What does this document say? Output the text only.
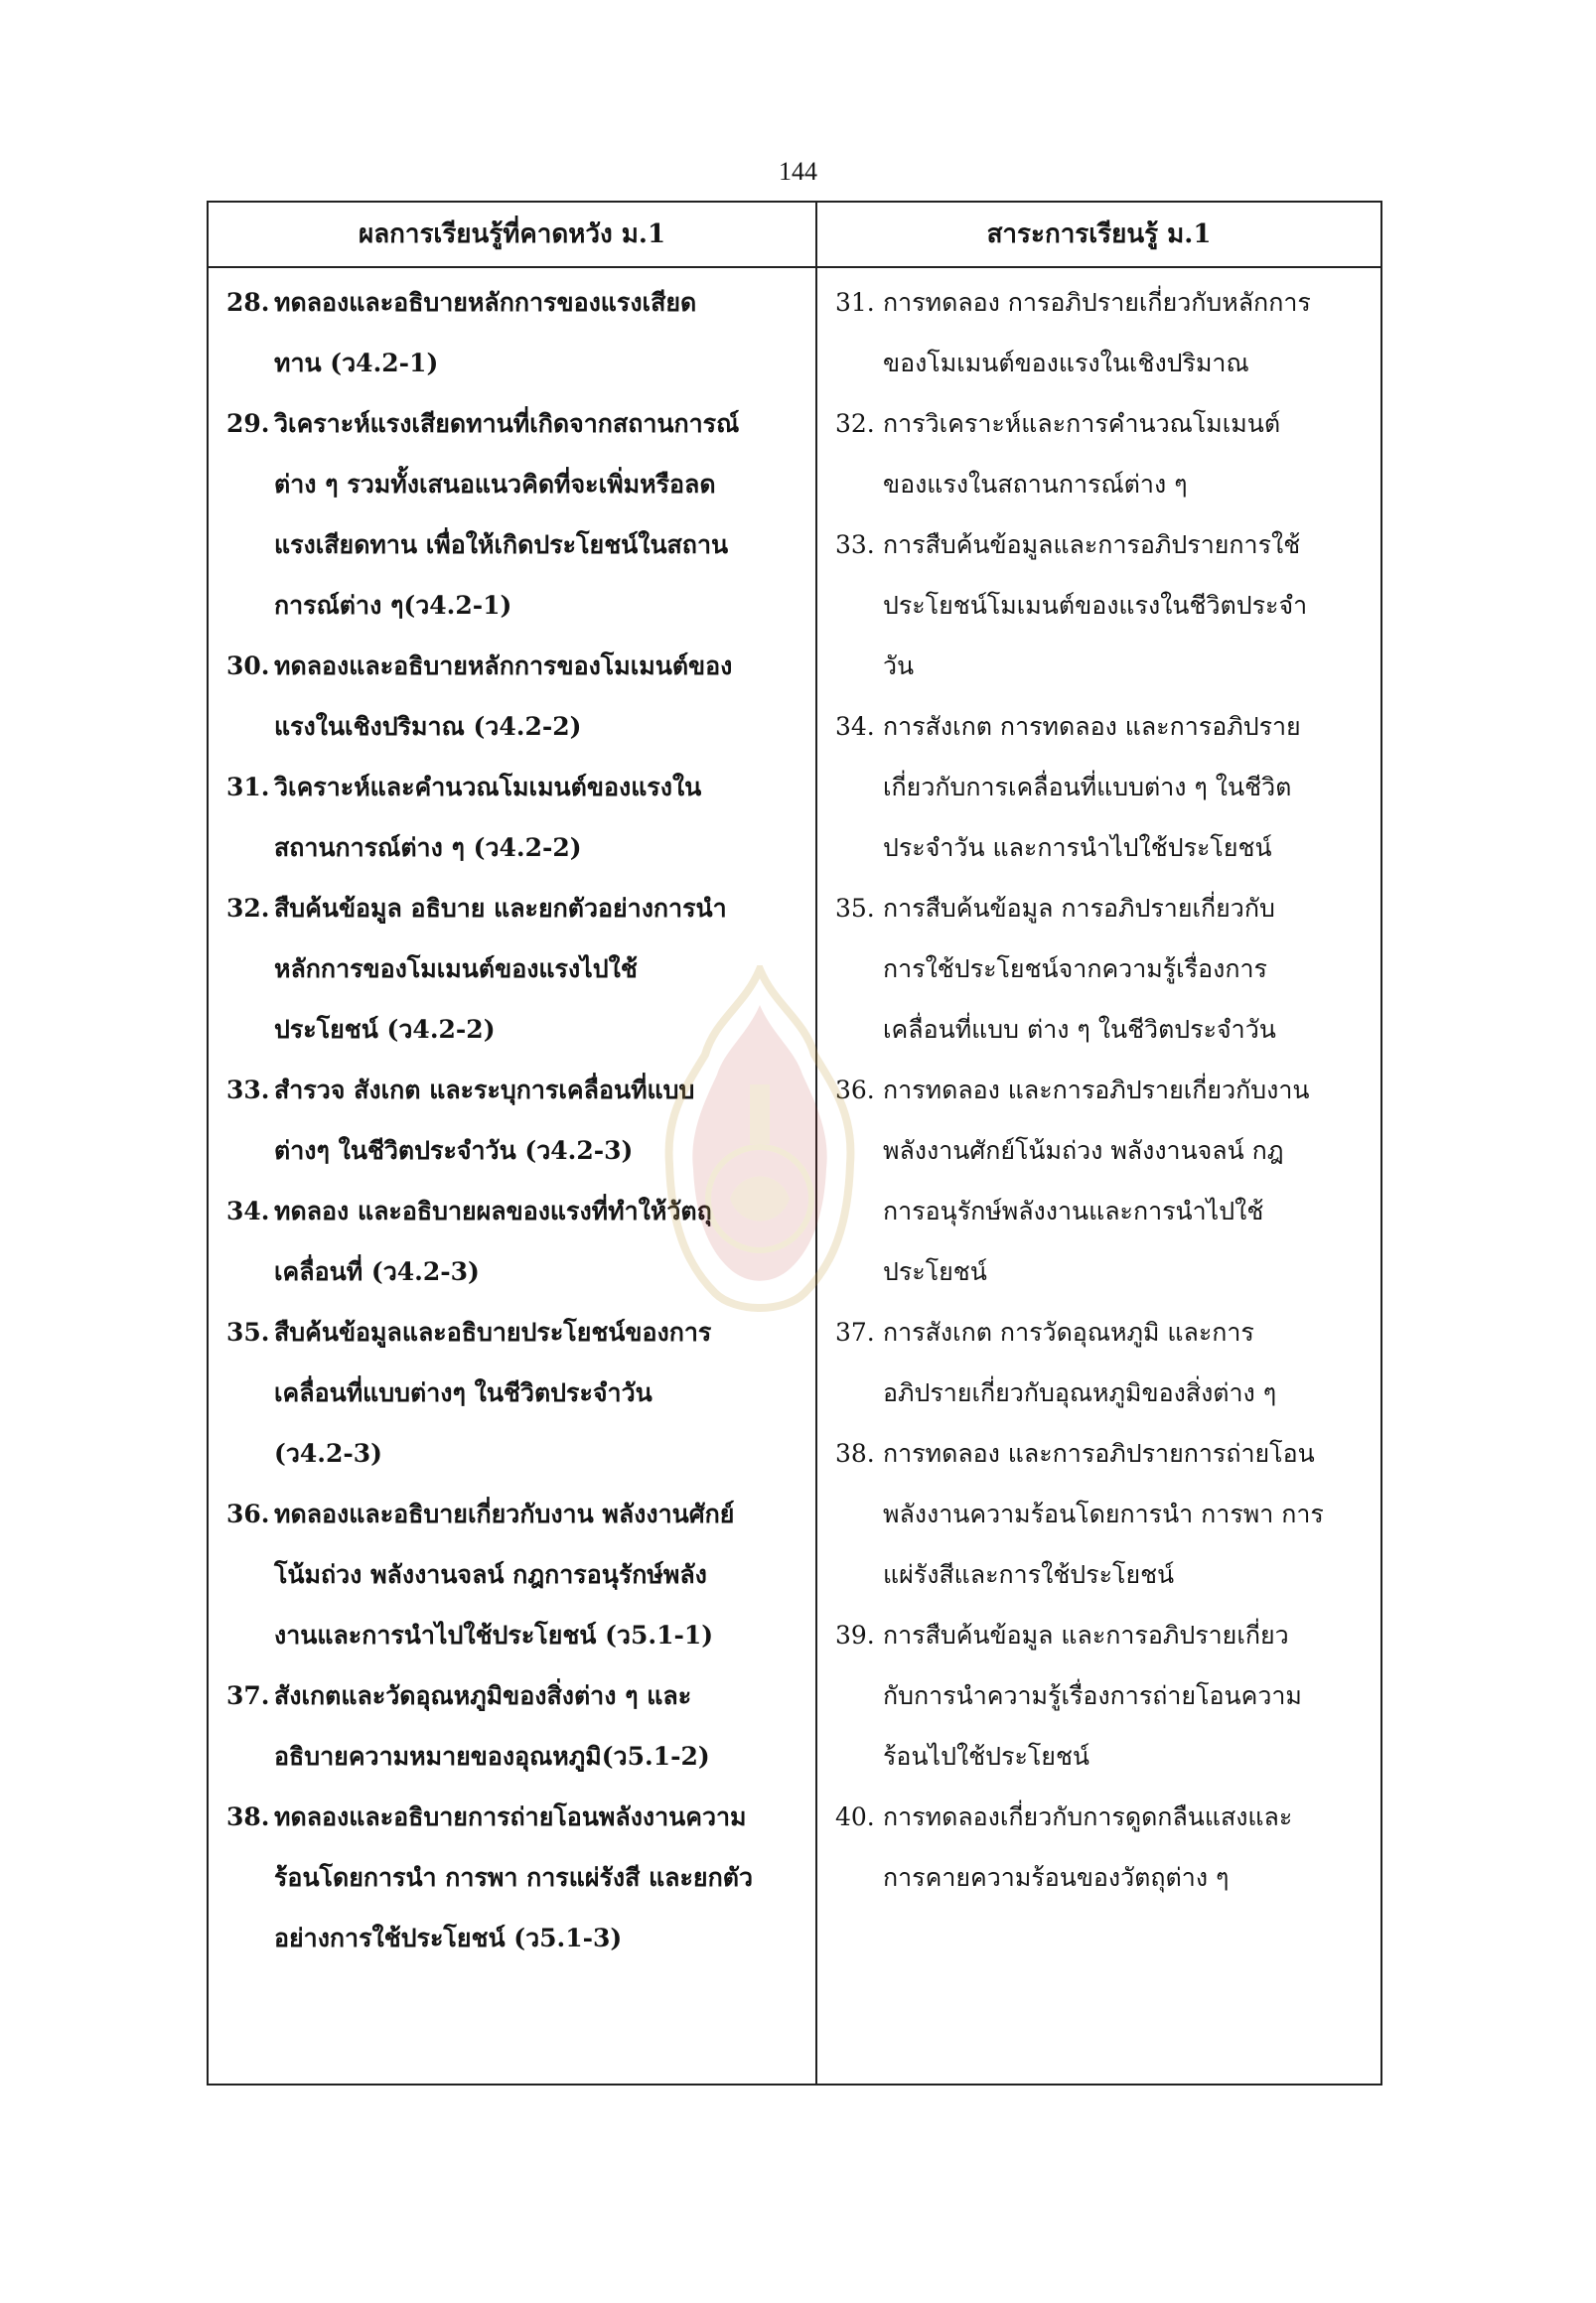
144
ผลการเรียนรู้ที่คาดหวัง ม.1	สาระการเรียนรู้ ม.1
28. ทดลองและอธิบายหลักการของแรงเสียด
ทาน (ว4.2-1)
29. วิเคราะห์แรงเสียดทานที่เกิดจากสถานการณ์
ต่าง ๆ รวมทั้งเสนอแนวคิดที่จะเพิ่มหรือลด
แรงเสียดทาน เพื่อให้เกิดประโยชน์ในสถาน
การณ์ต่าง ๆ(ว4.2-1)
30. ทดลองและอธิบายหลักการของโมเมนต์ของ
แรงในเชิงปริมาณ (ว4.2-2)
31. วิเคราะห์และคำนวณโมเมนต์ของแรงใน
สถานการณ์ต่าง ๆ (ว4.2-2)
32. สืบค้นข้อมูล อธิบาย และยกตัวอย่างการนำ
หลักการของโมเมนต์ของแรงไปใช้
ประโยชน์ (ว4.2-2)
33. สำรวจ สังเกต และระบุการเคลื่อนที่แบบ
ต่างๆ ในชีวิตประจำวัน (ว4.2-3)
34. ทดลอง และอธิบายผลของแรงที่ทำให้วัตถุ
เคลื่อนที่ (ว4.2-3)
35. สืบค้นข้อมูลและอธิบายประโยชน์ของการ
เคลื่อนที่แบบต่างๆ ในชีวิตประจำวัน
(ว4.2-3)
36. ทดลองและอธิบายเกี่ยวกับงาน พลังงานศักย์
โน้มถ่วง พลังงานจลน์ กฎการอนุรักษ์พลัง
งานและการนำไปใช้ประโยชน์ (ว5.1-1)
37. สังเกตและวัดอุณหภูมิของสิ่งต่าง ๆ และ
อธิบายความหมายของอุณหภูมิ(ว5.1-2)
38. ทดลองและอธิบายการถ่ายโอนพลังงานความ
ร้อนโดยการนำ การพา การแผ่รังสี และยกตัว
อย่างการใช้ประโยชน์ (ว5.1-3)
31. การทดลอง การอภิปรายเกี่ยวกับหลักการ
ของโมเมนต์ของแรงในเชิงปริมาณ
32. การวิเคราะห์และการคำนวณโมเมนต์
ของแรงในสถานการณ์ต่าง ๆ
33. การสืบค้นข้อมูลและการอภิปรายการใช้
ประโยชน์โมเมนต์ของแรงในชีวิตประจำ
วัน
34. การสังเกต การทดลอง และการอภิปราย
เกี่ยวกับการเคลื่อนที่แบบต่าง ๆ ในชีวิต
ประจำวัน และการนำไปใช้ประโยชน์
35. การสืบค้นข้อมูล การอภิปรายเกี่ยวกับ
การใช้ประโยชน์จากความรู้เรื่องการ
เคลื่อนที่แบบ ต่าง ๆ ในชีวิตประจำวัน
36. การทดลอง และการอภิปรายเกี่ยวกับงาน
พลังงานศักย์โน้มถ่วง พลังงานจลน์ กฎ
การอนุรักษ์พลังงานและการนำไปใช้
ประโยชน์
37. การสังเกต การวัดอุณหภูมิ และการ
อภิปรายเกี่ยวกับอุณหภูมิของสิ่งต่าง ๆ
38. การทดลอง และการอภิปรายการถ่ายโอน
พลังงานความร้อนโดยการนำ การพา การ
แผ่รังสีและการใช้ประโยชน์
39. การสืบค้นข้อมูล และการอภิปรายเกี่ยว
กับการนำความรู้เรื่องการถ่ายโอนความ
ร้อนไปใช้ประโยชน์
40. การทดลองเกี่ยวกับการดูดกลืนแสงและ
การคายความร้อนของวัตถุต่าง ๆ
